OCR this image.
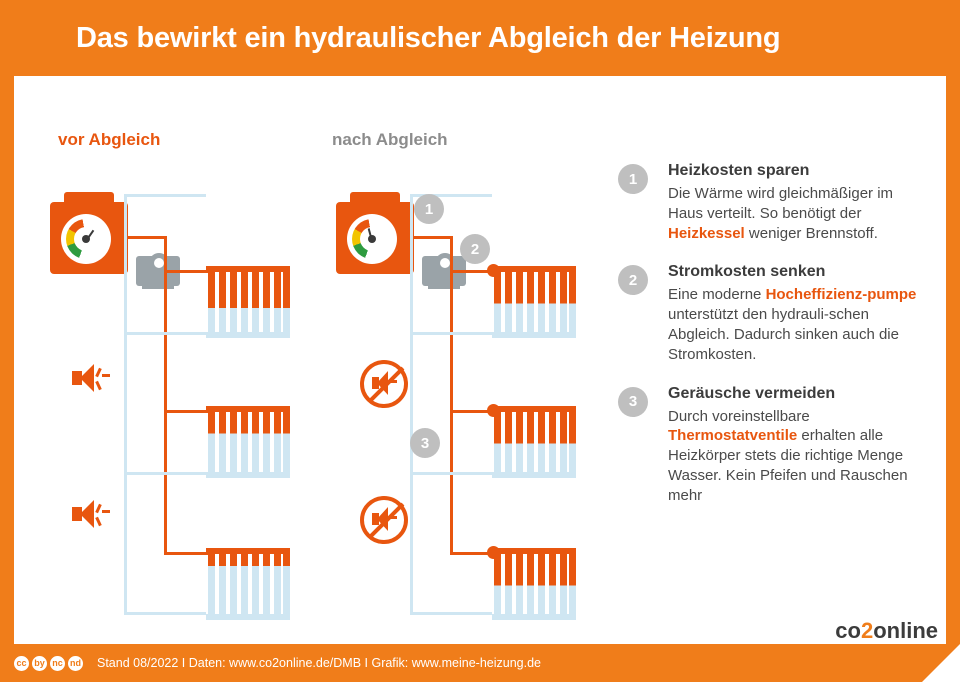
Das bewirkt ein hydraulischer Abgleich der Heizung
vor Abgleich	nach Abgleich
1
2
3
1	Heizkosten sparen
Die Wärme wird gleichmäßiger im Haus verteilt. So benötigt der Heizkessel weniger Brennstoff.
2	Stromkosten senken
Eine moderne Hocheffizienz-pumpe unterstützt den hydrauli-schen Abgleich. Dadurch sinken auch die Stromkosten.
3	Geräusche vermeiden
Durch voreinstellbare Thermostatventile erhalten alle Heizkörper stets die richtige Menge Wasser. Kein Pfeifen und Rauschen mehr
co2online
cc by nc nd Stand 08/2022 I Daten: www.co2online.de/DMB I Grafik: www.meine-heizung.de
